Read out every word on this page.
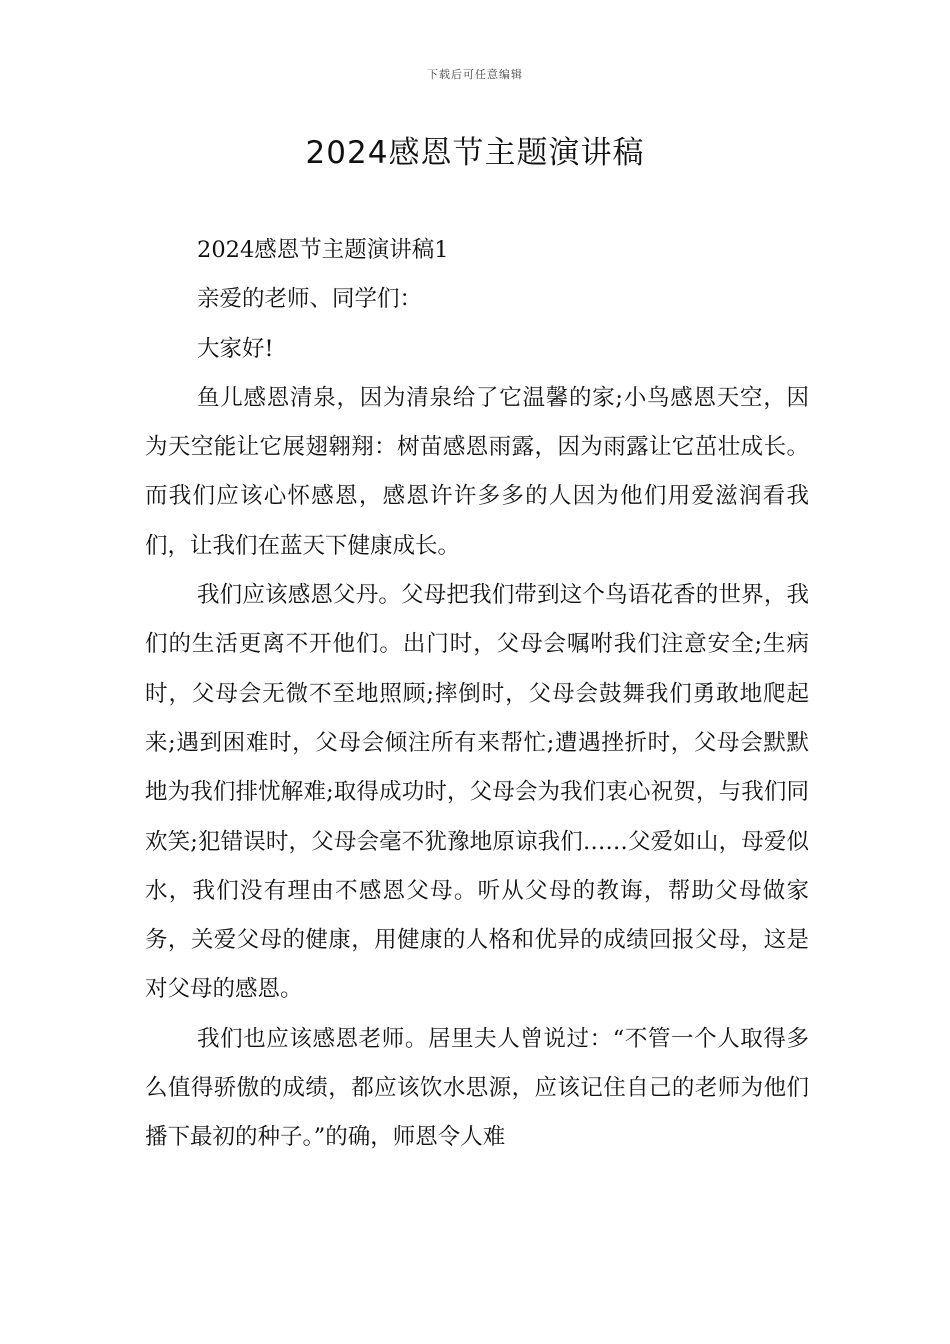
下载后可任意编辑
2024感恩节主题演讲稿

2024感恩节主题演讲稿1

亲爱的老师、同学们：

大家好!

鱼儿感恩清泉，因为清泉给了它温馨的家;小鸟感恩天空，因为天空能让它展翅翱翔：树苗感恩雨露，因为雨露让它茁壮成长。而我们应该心怀感恩，感恩许许多多的人因为他们用爱滋润看我们，让我们在蓝天下健康成长。

我们应该感恩父丹。父母把我们带到这个鸟语花香的世界，我们的生活更离不开他们。出门时，父母会嘱咐我们注意安全;生病时，父母会无微不至地照顾;摔倒时，父母会鼓舞我们勇敢地爬起来;遇到困难时，父母会倾注所有来帮忙;遭遇挫折时，父母会默默地为我们排忧解难;取得成功时，父母会为我们衷心祝贺，与我们同欢笑;犯错误时，父母会毫不犹豫地原谅我们……父爱如山，母爱似水，我们没有理由不感恩父母。听从父母的教诲，帮助父母做家务，关爱父母的健康，用健康的人格和优异的成绩回报父母，这是对父母的感恩。

我们也应该感恩老师。居里夫人曾说过：“不管一个人取得多么值得骄傲的成绩，都应该饮水思源，应该记住自己的老师为他们播下最初的种子。”的确，师恩令人难
